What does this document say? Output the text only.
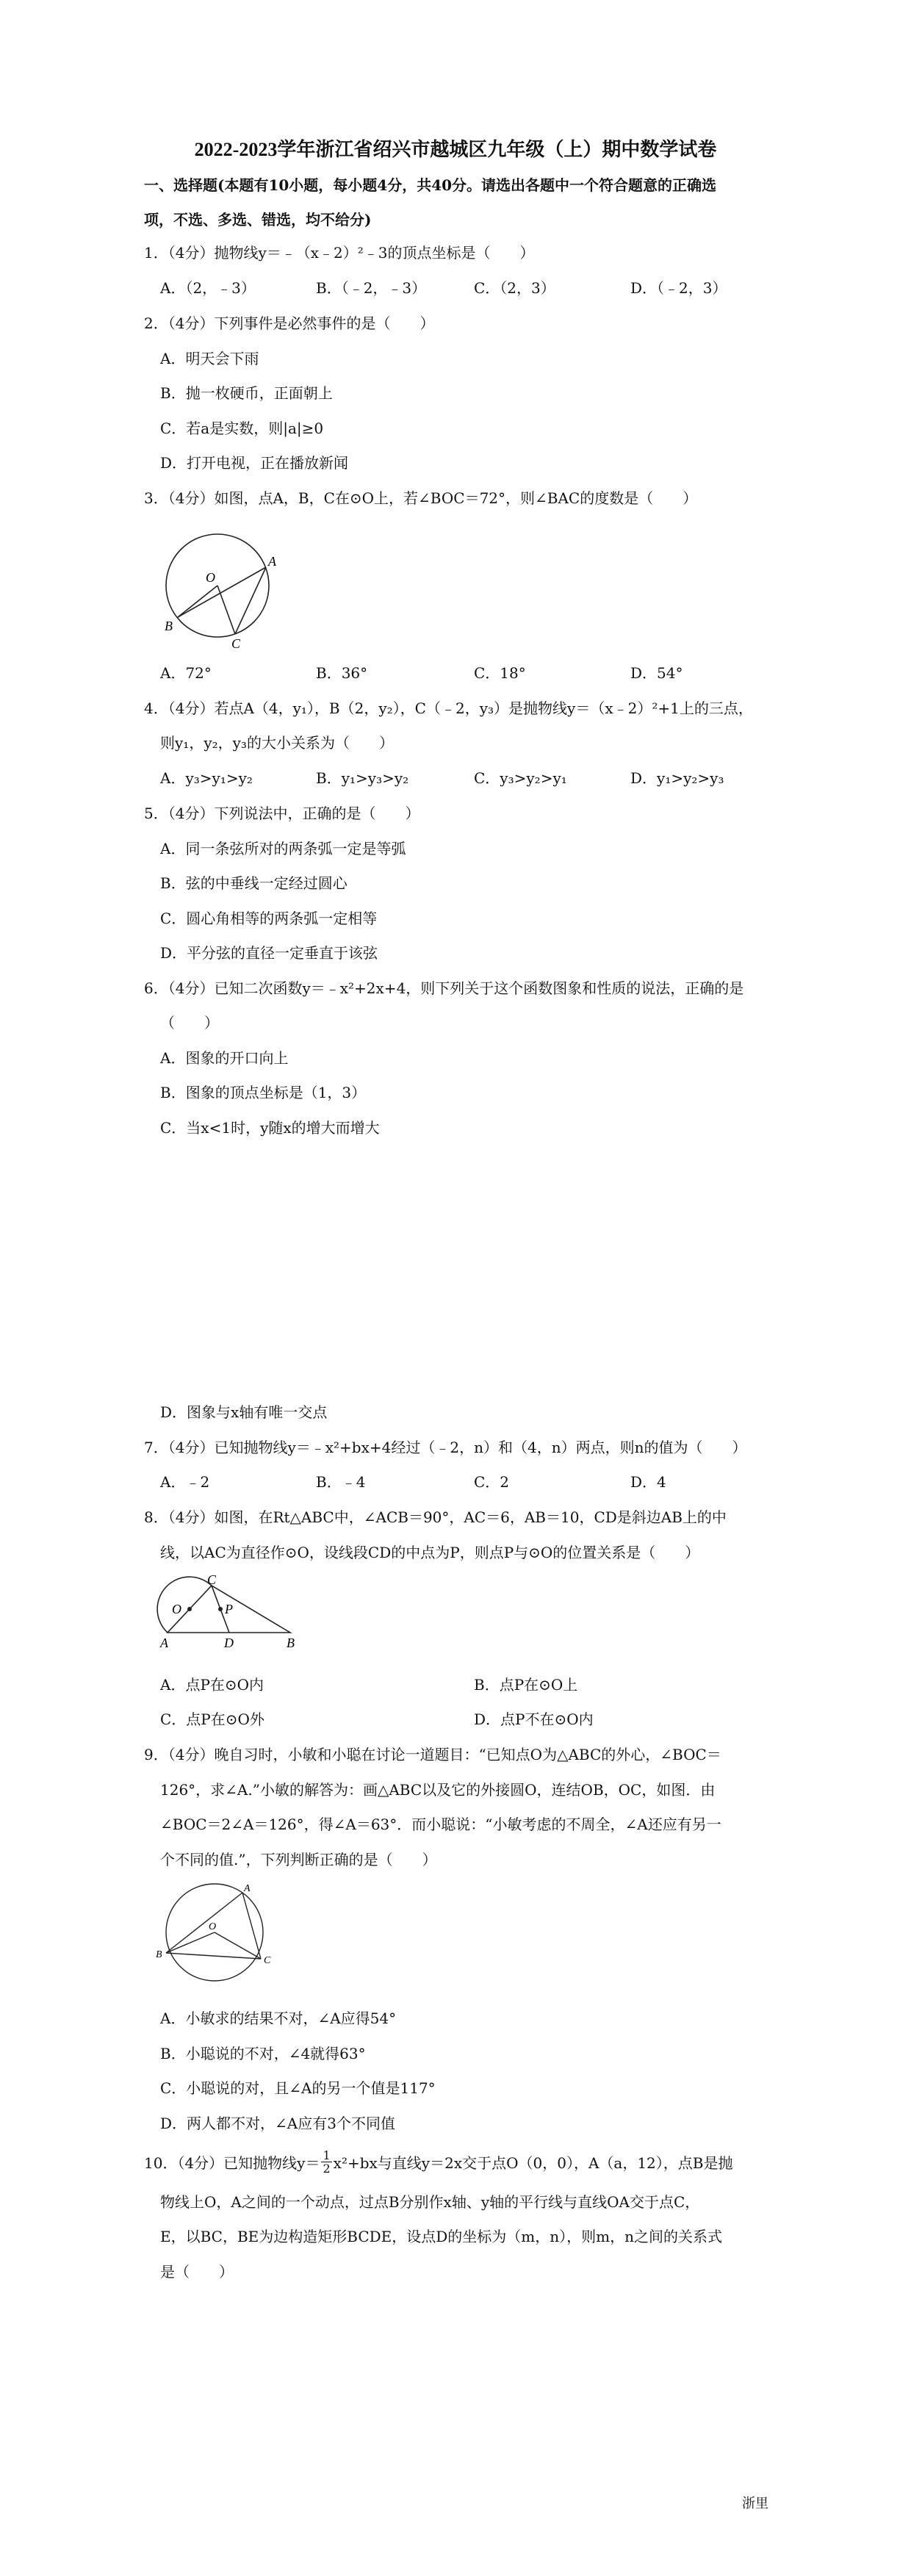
2022-2023学年浙江省绍兴市越城区九年级（上）期中数学试卷
一、选择题(本题有10小题，每小题4分，共40分。请选出各题中一个符合题意的正确选
项，不选、多选、错选，均不给分)
1．（4分）抛物线y＝﹣（x﹣2）²﹣3的顶点坐标是（　　）
A．（2，﹣3）	B．（﹣2，﹣3）	C．（2，3）	D．（﹣2，3）
2．（4分）下列事件是必然事件的是（　　）
A．明天会下雨
B．抛一枚硬币，正面朝上
C．若a是实数，则|a|≥0
D．打开电视，正在播放新闻
3．（4分）如图，点A，B，C在⊙O上，若∠BOC＝72°，则∠BAC的度数是（　　）
A
B
C
O
A．72°	B．36°	C．18°	D．54°
4．（4分）若点A（4，y₁），B（2，y₂），C（﹣2，y₃）是抛物线y＝（x﹣2）²+1上的三点，
则y₁，y₂，y₃的大小关系为（　　）
A．y₃>y₁>y₂	B．y₁>y₃>y₂	C．y₃>y₂>y₁	D．y₁>y₂>y₃
5．（4分）下列说法中，正确的是（　　）
A．同一条弦所对的两条弧一定是等弧
B．弦的中垂线一定经过圆心
C．圆心角相等的两条弧一定相等
D．平分弦的直径一定垂直于该弦
6．（4分）已知二次函数y＝﹣x²+2x+4，则下列关于这个函数图象和性质的说法，正确的是
（　　）
A．图象的开口向上
B．图象的顶点坐标是（1，3）
C．当x<1时，y随x的增大而增大
D．图象与x轴有唯一交点
7．（4分）已知抛物线y＝﹣x²+bx+4经过（﹣2，n）和（4，n）两点，则n的值为（　　）
A．﹣2	B．﹣4	C．2	D．4
8．（4分）如图，在Rt△ABC中，∠ACB＝90°，AC＝6，AB＝10，CD是斜边AB上的中
线，以AC为直径作⊙O，设线段CD的中点为P，则点P与⊙O的位置关系是（　　）
C
O	P
A	D	B
A．点P在⊙O内	B．点P在⊙O上
C．点P在⊙O外	D．点P不在⊙O内
9．（4分）晚自习时，小敏和小聪在讨论一道题目：“已知点O为△ABC的外心，∠BOC＝
126°，求∠A.”小敏的解答为：画△ABC以及它的外接圆O，连结OB，OC，如图．由
∠BOC＝2∠A＝126°，得∠A＝63°．而小聪说：“小敏考虑的不周全，∠A还应有另一
个不同的值.”，下列判断正确的是（　　）
A
B
C
O
A．小敏求的结果不对，∠A应得54°
B．小聪说的不对，∠4就得63°
C．小聪说的对，且∠A的另一个值是117°
D．两人都不对，∠A应有3个不同值
10．（4分）已知抛物线$y= \frac{1}{2} x^2+bx$与直线y＝2x交于点O（0，0），A（a，12），点B是抛
物线上O，A之间的一个动点，过点B分别作x轴、y轴的平行线与直线OA交于点C，
E，以BC，BE为边构造矩形BCDE，设点D的坐标为（m，n），则m，n之间的关系式
是（　　）
浙里
